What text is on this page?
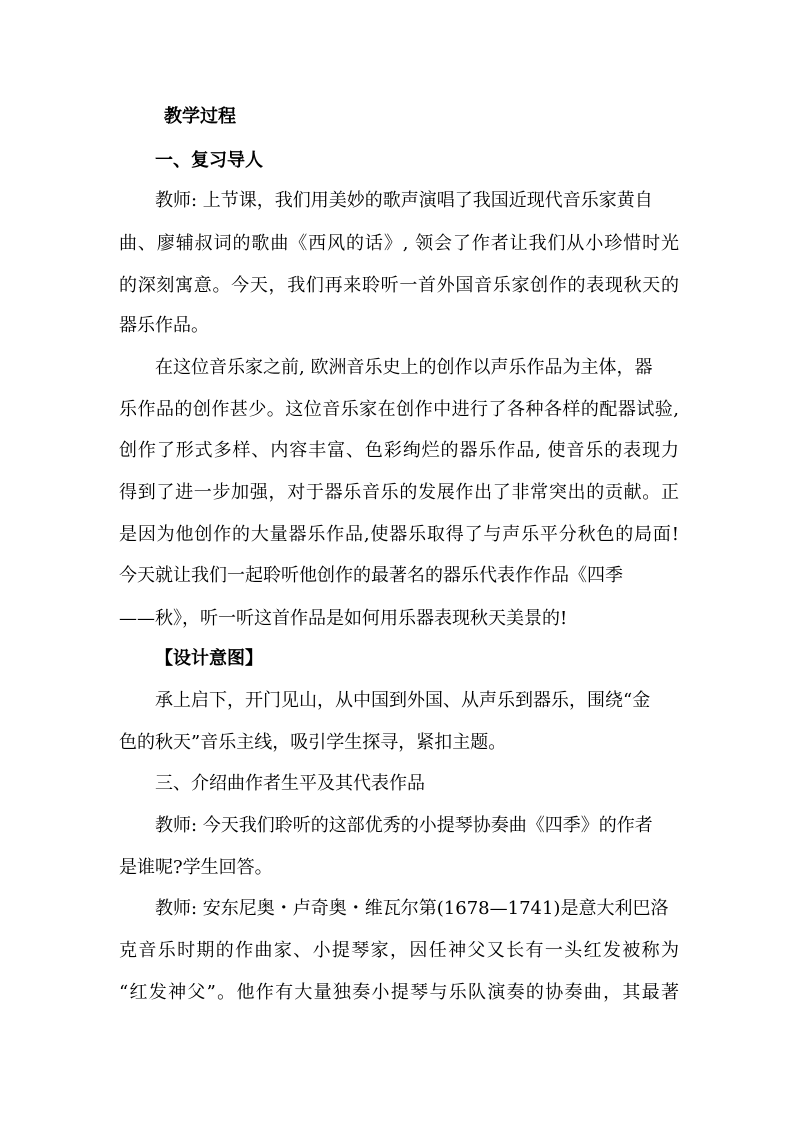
教学过程
一、复习导人
教师: 上节课，我们用美妙的歌声演唱了我国近现代音乐家黄自
曲、廖辅叔词的歌曲《西风的话》, 领会了作者让我们从小珍惜时光
的深刻寓意。今天，我们再来聆听一首外国音乐家创作的表现秋天的
器乐作品。
在这位音乐家之前, 欧洲音乐史上的创作以声乐作品为主体，器
乐作品的创作甚少。这位音乐家在创作中进行了各种各样的配器试验,
创作了形式多样、内容丰富、色彩绚烂的器乐作品, 使音乐的表现力
得到了进一步加强，对于器乐音乐的发展作出了非常突出的贡献。正
是因为他创作的大量器乐作品,使器乐取得了与声乐平分秋色的局面!
今天就让我们一起聆听他创作的最著名的器乐代表作作品《四季
——秋》，听一听这首作品是如何用乐器表现秋天美景的!
【设计意图】
承上启下，开门见山，从中国到外国、从声乐到器乐，围绕“金
色的秋天”音乐主线，吸引学生探寻，紧扣主题。
三、介绍曲作者生平及其代表作品
教师: 今天我们聆听的这部优秀的小提琴协奏曲《四季》的作者
是谁呢?学生回答。
教师: 安东尼奥・卢奇奥・维瓦尔第(1678—1741)是意大利巴洛
克音乐时期的作曲家、小提琴家，因任神父又长有一头红发被称为
“红发神父”。他作有大量独奏小提琴与乐队演奏的协奏曲，其最著
